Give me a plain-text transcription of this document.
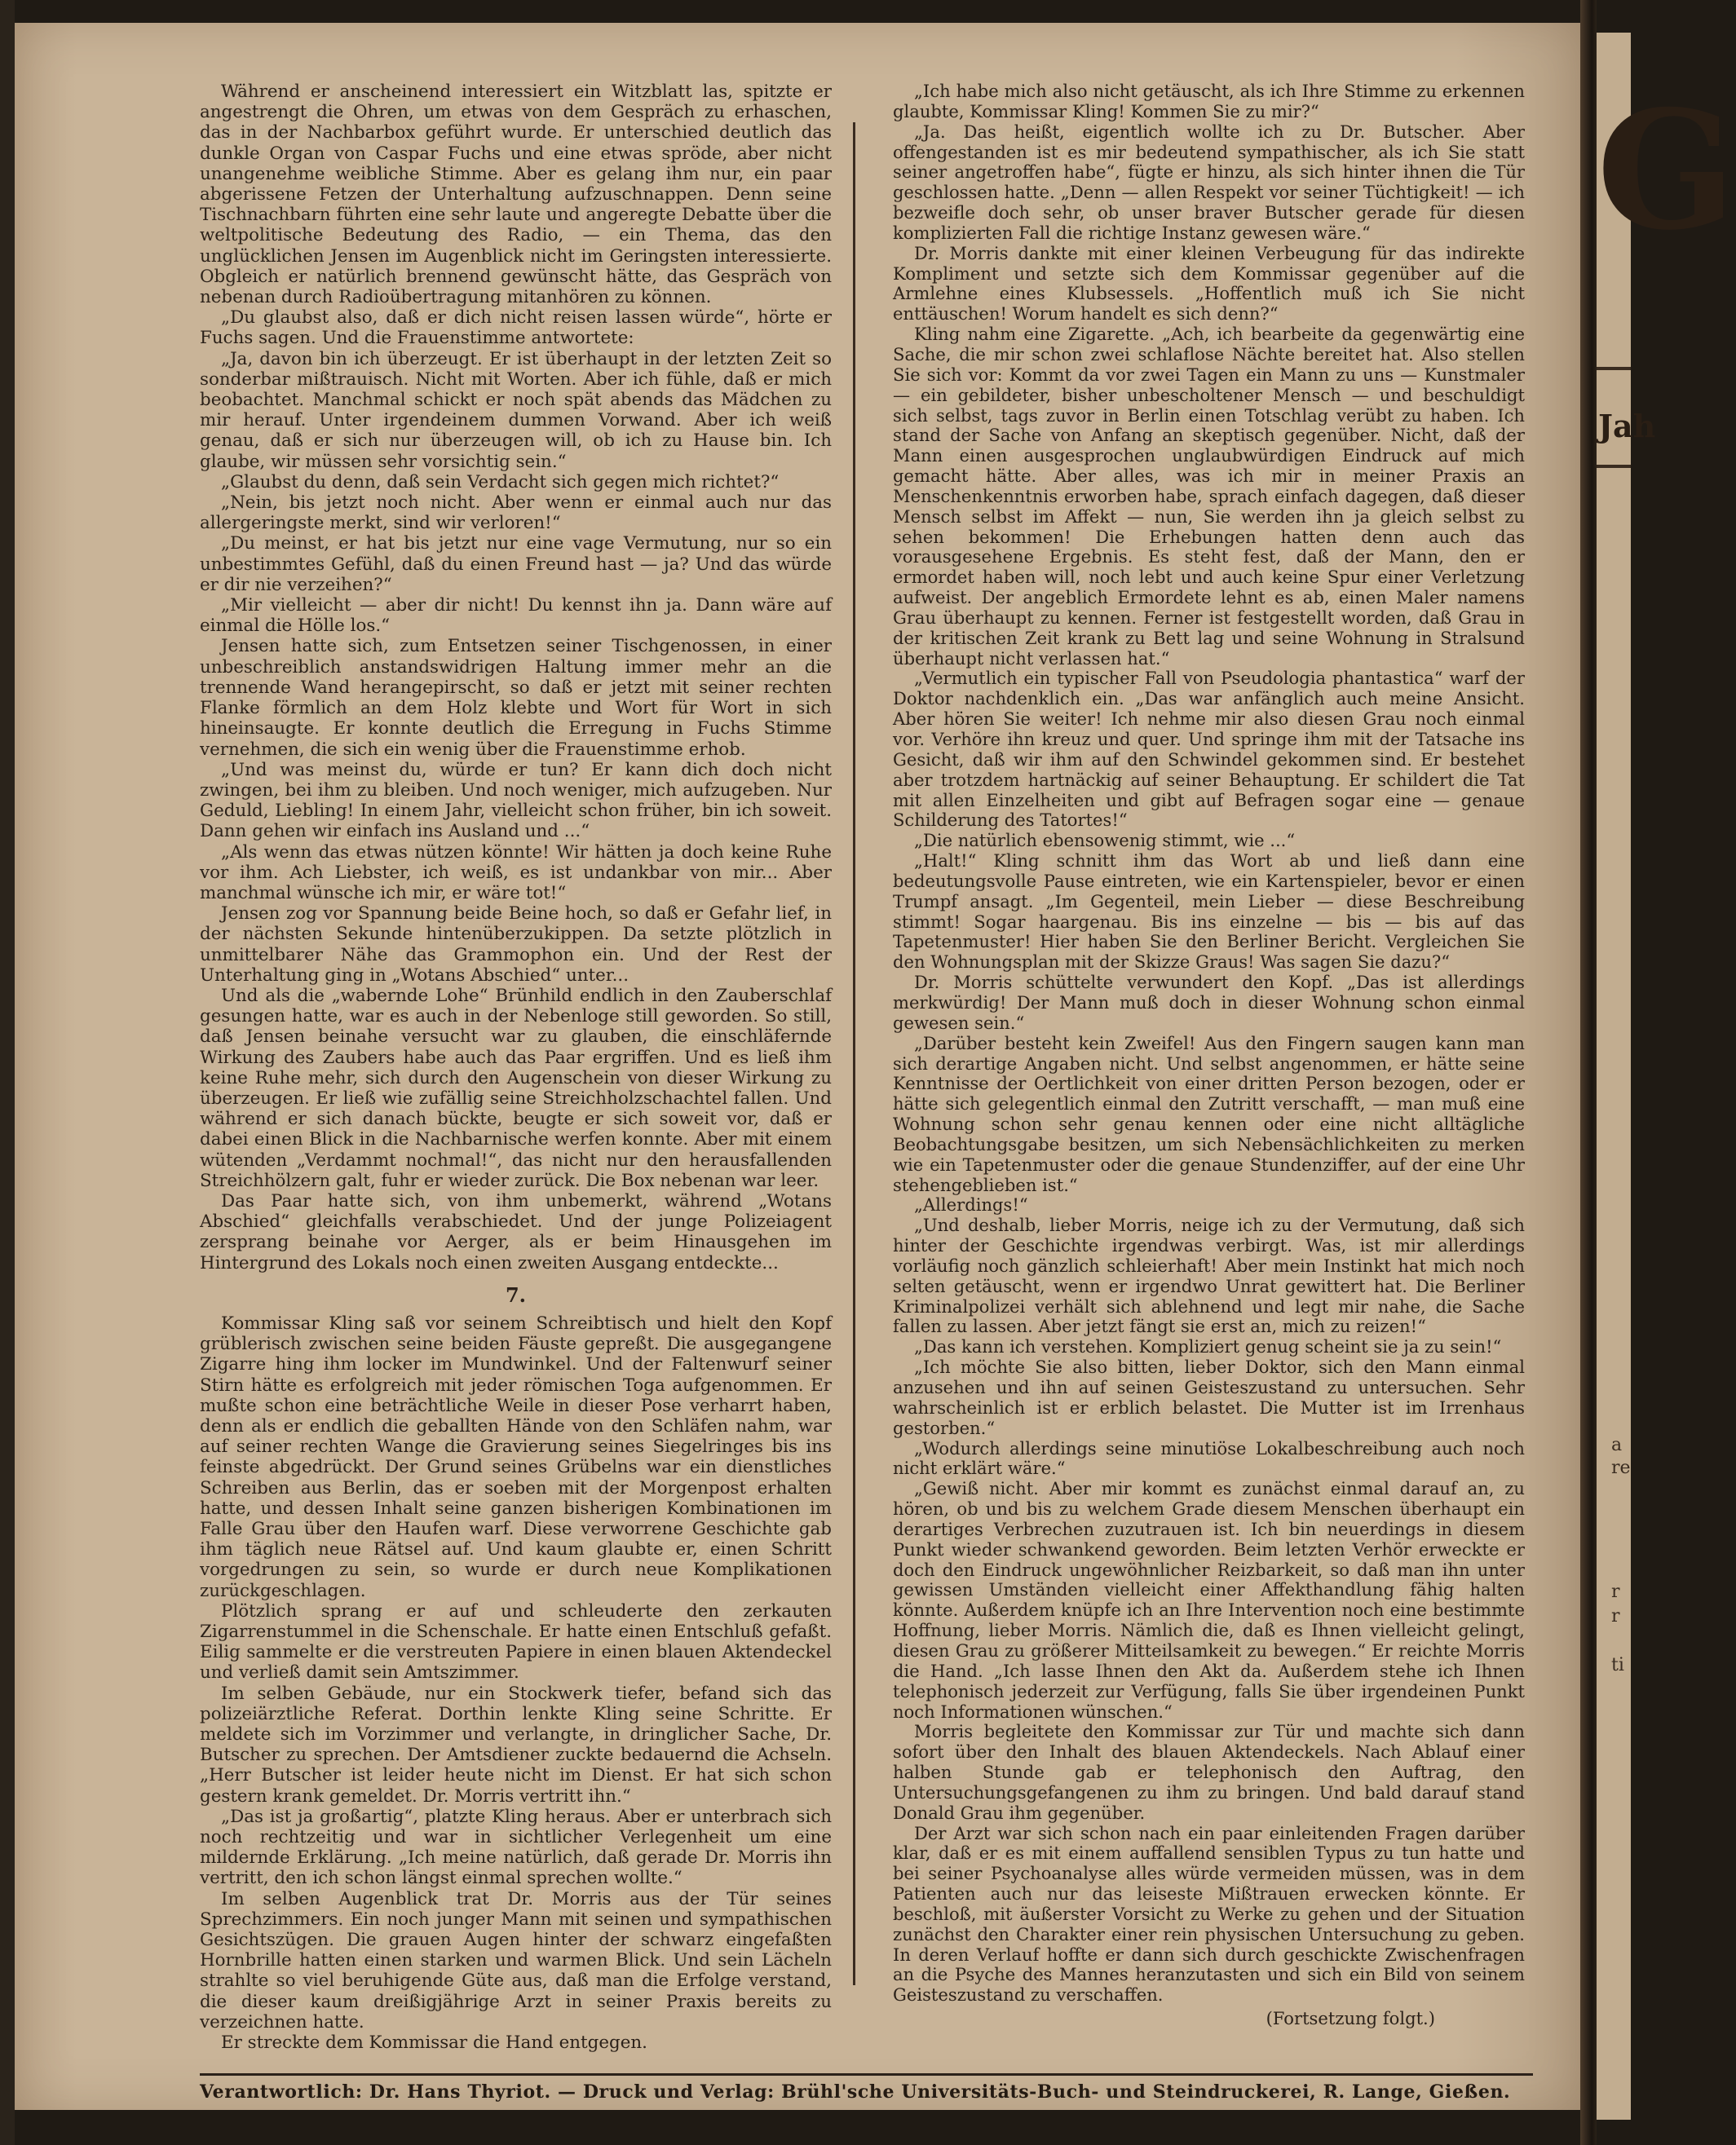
Während er anscheinend interessiert ein Witzblatt las, spitzte er angestrengt die Ohren, um etwas von dem Gespräch zu erhaschen, das in der Nachbarbox geführt wurde. Er unterschied deutlich das dunkle Organ von Caspar Fuchs und eine etwas spröde, aber nicht unangenehme weibliche Stimme. Aber es gelang ihm nur, ein paar abgerissene Fetzen der Unterhaltung aufzuschnappen. Denn seine Tischnachbarn führten eine sehr laute und angeregte Debatte über die weltpolitische Bedeutung des Radio, — ein Thema, das den unglücklichen Jensen im Augenblick nicht im Geringsten interessierte. Obgleich er natürlich brennend gewünscht hätte, das Gespräch von nebenan durch Radioübertragung mitanhören zu können.

„Du glaubst also, daß er dich nicht reisen lassen würde“, hörte er Fuchs sagen. Und die Frauenstimme antwortete:

„Ja, davon bin ich überzeugt. Er ist überhaupt in der letzten Zeit so sonderbar mißtrauisch. Nicht mit Worten. Aber ich fühle, daß er mich beobachtet. Manchmal schickt er noch spät abends das Mädchen zu mir herauf. Unter irgendeinem dummen Vorwand. Aber ich weiß genau, daß er sich nur überzeugen will, ob ich zu Hause bin. Ich glaube, wir müssen sehr vorsichtig sein.“

„Glaubst du denn, daß sein Verdacht sich gegen mich richtet?“

„Nein, bis jetzt noch nicht. Aber wenn er einmal auch nur das allergeringste merkt, sind wir verloren!“

„Du meinst, er hat bis jetzt nur eine vage Vermutung, nur so ein unbestimmtes Gefühl, daß du einen Freund hast — ja? Und das würde er dir nie verzeihen?“

„Mir vielleicht — aber dir nicht! Du kennst ihn ja. Dann wäre auf einmal die Hölle los.“

Jensen hatte sich, zum Entsetzen seiner Tischgenossen, in einer unbeschreiblich anstandswidrigen Haltung immer mehr an die trennende Wand herangepirscht, so daß er jetzt mit seiner rechten Flanke förmlich an dem Holz klebte und Wort für Wort in sich hineinsaugte. Er konnte deutlich die Erregung in Fuchs Stimme vernehmen, die sich ein wenig über die Frauenstimme erhob.

„Und was meinst du, würde er tun? Er kann dich doch nicht zwingen, bei ihm zu bleiben. Und noch weniger, mich aufzugeben. Nur Geduld, Liebling! In einem Jahr, vielleicht schon früher, bin ich soweit. Dann gehen wir einfach ins Ausland und ...“

„Als wenn das etwas nützen könnte! Wir hätten ja doch keine Ruhe vor ihm. Ach Liebster, ich weiß, es ist undankbar von mir... Aber manchmal wünsche ich mir, er wäre tot!“

Jensen zog vor Spannung beide Beine hoch, so daß er Gefahr lief, in der nächsten Sekunde hintenüberzukippen. Da setzte plötzlich in unmittelbarer Nähe das Grammophon ein. Und der Rest der Unterhaltung ging in „Wotans Abschied“ unter...

Und als die „wabernde Lohe“ Brünhild endlich in den Zauberschlaf gesungen hatte, war es auch in der Nebenloge still geworden. So still, daß Jensen beinahe versucht war zu glauben, die einschläfernde Wirkung des Zaubers habe auch das Paar ergriffen. Und es ließ ihm keine Ruhe mehr, sich durch den Augenschein von dieser Wirkung zu überzeugen. Er ließ wie zufällig seine Streichholzschachtel fallen. Und während er sich danach bückte, beugte er sich soweit vor, daß er dabei einen Blick in die Nachbarnische werfen konnte. Aber mit einem wütenden „Verdammt nochmal!“, das nicht nur den herausfallenden Streichhölzern galt, fuhr er wieder zurück. Die Box nebenan war leer.

Das Paar hatte sich, von ihm unbemerkt, während „Wotans Abschied“ gleichfalls verabschiedet. Und der junge Polizeiagent zersprang beinahe vor Aerger, als er beim Hinausgehen im Hintergrund des Lokals noch einen zweiten Ausgang entdeckte...

7.

Kommissar Kling saß vor seinem Schreibtisch und hielt den Kopf grüblerisch zwischen seine beiden Fäuste gepreßt. Die ausgegangene Zigarre hing ihm locker im Mundwinkel. Und der Faltenwurf seiner Stirn hätte es erfolgreich mit jeder römischen Toga aufgenommen. Er mußte schon eine beträchtliche Weile in dieser Pose verharrt haben, denn als er endlich die geballten Hände von den Schläfen nahm, war auf seiner rechten Wange die Gravierung seines Siegelringes bis ins feinste abgedrückt. Der Grund seines Grübelns war ein dienstliches Schreiben aus Berlin, das er soeben mit der Morgenpost erhalten hatte, und dessen Inhalt seine ganzen bisherigen Kombinationen im Falle Grau über den Haufen warf. Diese verworrene Geschichte gab ihm täglich neue Rätsel auf. Und kaum glaubte er, einen Schritt vorgedrungen zu sein, so wurde er durch neue Komplikationen zurückgeschlagen.

Plötzlich sprang er auf und schleuderte den zerkauten Zigarrenstummel in die Schenschale. Er hatte einen Entschluß gefaßt. Eilig sammelte er die verstreuten Papiere in einen blauen Aktendeckel und verließ damit sein Amtszimmer.

Im selben Gebäude, nur ein Stockwerk tiefer, befand sich das polizeiärztliche Referat. Dorthin lenkte Kling seine Schritte. Er meldete sich im Vorzimmer und verlangte, in dringlicher Sache, Dr. Butscher zu sprechen. Der Amtsdiener zuckte bedauernd die Achseln. „Herr Butscher ist leider heute nicht im Dienst. Er hat sich schon gestern krank gemeldet. Dr. Morris vertritt ihn.“

„Das ist ja großartig“, platzte Kling heraus. Aber er unterbrach sich noch rechtzeitig und war in sichtlicher Verlegenheit um eine mildernde Erklärung. „Ich meine natürlich, daß gerade Dr. Morris ihn vertritt, den ich schon längst einmal sprechen wollte.“

Im selben Augenblick trat Dr. Morris aus der Tür seines Sprechzimmers. Ein noch junger Mann mit seinen und sympathischen Gesichtszügen. Die grauen Augen hinter der schwarz eingefaßten Hornbrille hatten einen starken und warmen Blick. Und sein Lächeln strahlte so viel beruhigende Güte aus, daß man die Erfolge verstand, die dieser kaum dreißigjährige Arzt in seiner Praxis bereits zu verzeichnen hatte.

Er streckte dem Kommissar die Hand entgegen.

„Ich habe mich also nicht getäuscht, als ich Ihre Stimme zu erkennen glaubte, Kommissar Kling! Kommen Sie zu mir?“

„Ja. Das heißt, eigentlich wollte ich zu Dr. Butscher. Aber offengestanden ist es mir bedeutend sympathischer, als ich Sie statt seiner angetroffen habe“, fügte er hinzu, als sich hinter ihnen die Tür geschlossen hatte. „Denn — allen Respekt vor seiner Tüchtigkeit! — ich bezweifle doch sehr, ob unser braver Butscher gerade für diesen komplizierten Fall die richtige Instanz gewesen wäre.“

Dr. Morris dankte mit einer kleinen Verbeugung für das indirekte Kompliment und setzte sich dem Kommissar gegenüber auf die Armlehne eines Klubsessels. „Hoffentlich muß ich Sie nicht enttäuschen! Worum handelt es sich denn?“

Kling nahm eine Zigarette. „Ach, ich bearbeite da gegenwärtig eine Sache, die mir schon zwei schlaflose Nächte bereitet hat. Also stellen Sie sich vor: Kommt da vor zwei Tagen ein Mann zu uns — Kunstmaler — ein gebildeter, bisher unbescholtener Mensch — und beschuldigt sich selbst, tags zuvor in Berlin einen Totschlag verübt zu haben. Ich stand der Sache von Anfang an skeptisch gegenüber. Nicht, daß der Mann einen ausgesprochen unglaubwürdigen Eindruck auf mich gemacht hätte. Aber alles, was ich mir in meiner Praxis an Menschenkenntnis erworben habe, sprach einfach dagegen, daß dieser Mensch selbst im Affekt — nun, Sie werden ihn ja gleich selbst zu sehen bekommen! Die Erhebungen hatten denn auch das vorausgesehene Ergebnis. Es steht fest, daß der Mann, den er ermordet haben will, noch lebt und auch keine Spur einer Verletzung aufweist. Der angeblich Ermordete lehnt es ab, einen Maler namens Grau überhaupt zu kennen. Ferner ist festgestellt worden, daß Grau in der kritischen Zeit krank zu Bett lag und seine Wohnung in Stralsund überhaupt nicht verlassen hat.“

„Vermutlich ein typischer Fall von Pseudologia phantastica“ warf der Doktor nachdenklich ein. „Das war anfänglich auch meine Ansicht. Aber hören Sie weiter! Ich nehme mir also diesen Grau noch einmal vor. Verhöre ihn kreuz und quer. Und springe ihm mit der Tatsache ins Gesicht, daß wir ihm auf den Schwindel gekommen sind. Er bestehet aber trotzdem hartnäckig auf seiner Behauptung. Er schildert die Tat mit allen Einzelheiten und gibt auf Befragen sogar eine — genaue Schilderung des Tatortes!“

„Die natürlich ebensowenig stimmt, wie ...“

„Halt!“ Kling schnitt ihm das Wort ab und ließ dann eine bedeutungsvolle Pause eintreten, wie ein Kartenspieler, bevor er einen Trumpf ansagt. „Im Gegenteil, mein Lieber — diese Beschreibung stimmt! Sogar haargenau. Bis ins einzelne — bis — bis auf das Tapetenmuster! Hier haben Sie den Berliner Bericht. Vergleichen Sie den Wohnungsplan mit der Skizze Graus! Was sagen Sie dazu?“

Dr. Morris schüttelte verwundert den Kopf. „Das ist allerdings merkwürdig! Der Mann muß doch in dieser Wohnung schon einmal gewesen sein.“

„Darüber besteht kein Zweifel! Aus den Fingern saugen kann man sich derartige Angaben nicht. Und selbst angenommen, er hätte seine Kenntnisse der Oertlichkeit von einer dritten Person bezogen, oder er hätte sich gelegentlich einmal den Zutritt verschafft, — man muß eine Wohnung schon sehr genau kennen oder eine nicht alltägliche Beobachtungsgabe besitzen, um sich Nebensächlichkeiten zu merken wie ein Tapetenmuster oder die genaue Stundenziffer, auf der eine Uhr stehengeblieben ist.“

„Allerdings!“

„Und deshalb, lieber Morris, neige ich zu der Vermutung, daß sich hinter der Geschichte irgendwas verbirgt. Was, ist mir allerdings vorläufig noch gänzlich schleierhaft! Aber mein Instinkt hat mich noch selten getäuscht, wenn er irgendwo Unrat gewittert hat. Die Berliner Kriminalpolizei verhält sich ablehnend und legt mir nahe, die Sache fallen zu lassen. Aber jetzt fängt sie erst an, mich zu reizen!“

„Das kann ich verstehen. Kompliziert genug scheint sie ja zu sein!“

„Ich möchte Sie also bitten, lieber Doktor, sich den Mann einmal anzusehen und ihn auf seinen Geisteszustand zu untersuchen. Sehr wahrscheinlich ist er erblich belastet. Die Mutter ist im Irrenhaus gestorben.“

„Wodurch allerdings seine minutiöse Lokalbeschreibung auch noch nicht erklärt wäre.“

„Gewiß nicht. Aber mir kommt es zunächst einmal darauf an, zu hören, ob und bis zu welchem Grade diesem Menschen überhaupt ein derartiges Verbrechen zuzutrauen ist. Ich bin neuerdings in diesem Punkt wieder schwankend geworden. Beim letzten Verhör erweckte er doch den Eindruck ungewöhnlicher Reizbarkeit, so daß man ihn unter gewissen Umständen vielleicht einer Affekthandlung fähig halten könnte. Außerdem knüpfe ich an Ihre Intervention noch eine bestimmte Hoffnung, lieber Morris. Nämlich die, daß es Ihnen vielleicht gelingt, diesen Grau zu größerer Mitteilsamkeit zu bewegen.“ Er reichte Morris die Hand. „Ich lasse Ihnen den Akt da. Außerdem stehe ich Ihnen telephonisch jederzeit zur Verfügung, falls Sie über irgendeinen Punkt noch Informationen wünschen.“

Morris begleitete den Kommissar zur Tür und machte sich dann sofort über den Inhalt des blauen Aktendeckels. Nach Ablauf einer halben Stunde gab er telephonisch den Auftrag, den Untersuchungsgefangenen zu ihm zu bringen. Und bald darauf stand Donald Grau ihm gegenüber.

Der Arzt war sich schon nach ein paar einleitenden Fragen darüber klar, daß er es mit einem auffallend sensiblen Typus zu tun hatte und bei seiner Psychoanalyse alles würde vermeiden müssen, was in dem Patienten auch nur das leiseste Mißtrauen erwecken könnte. Er beschloß, mit äußerster Vorsicht zu Werke zu gehen und der Situation zunächst den Charakter einer rein physischen Untersuchung zu geben. In deren Verlauf hoffte er dann sich durch geschickte Zwischenfragen an die Psyche des Mannes heranzutasten und sich ein Bild von seinem Geisteszustand zu verschaffen.

(Fortsetzung folgt.)

Verantwortlich: Dr. Hans Thyriot. — Druck und Verlag: Brühl'sche Universitäts-Buch- und Steindruckerei, R. Lange, Gießen.
G
Jah
a
re
r
r
ti
